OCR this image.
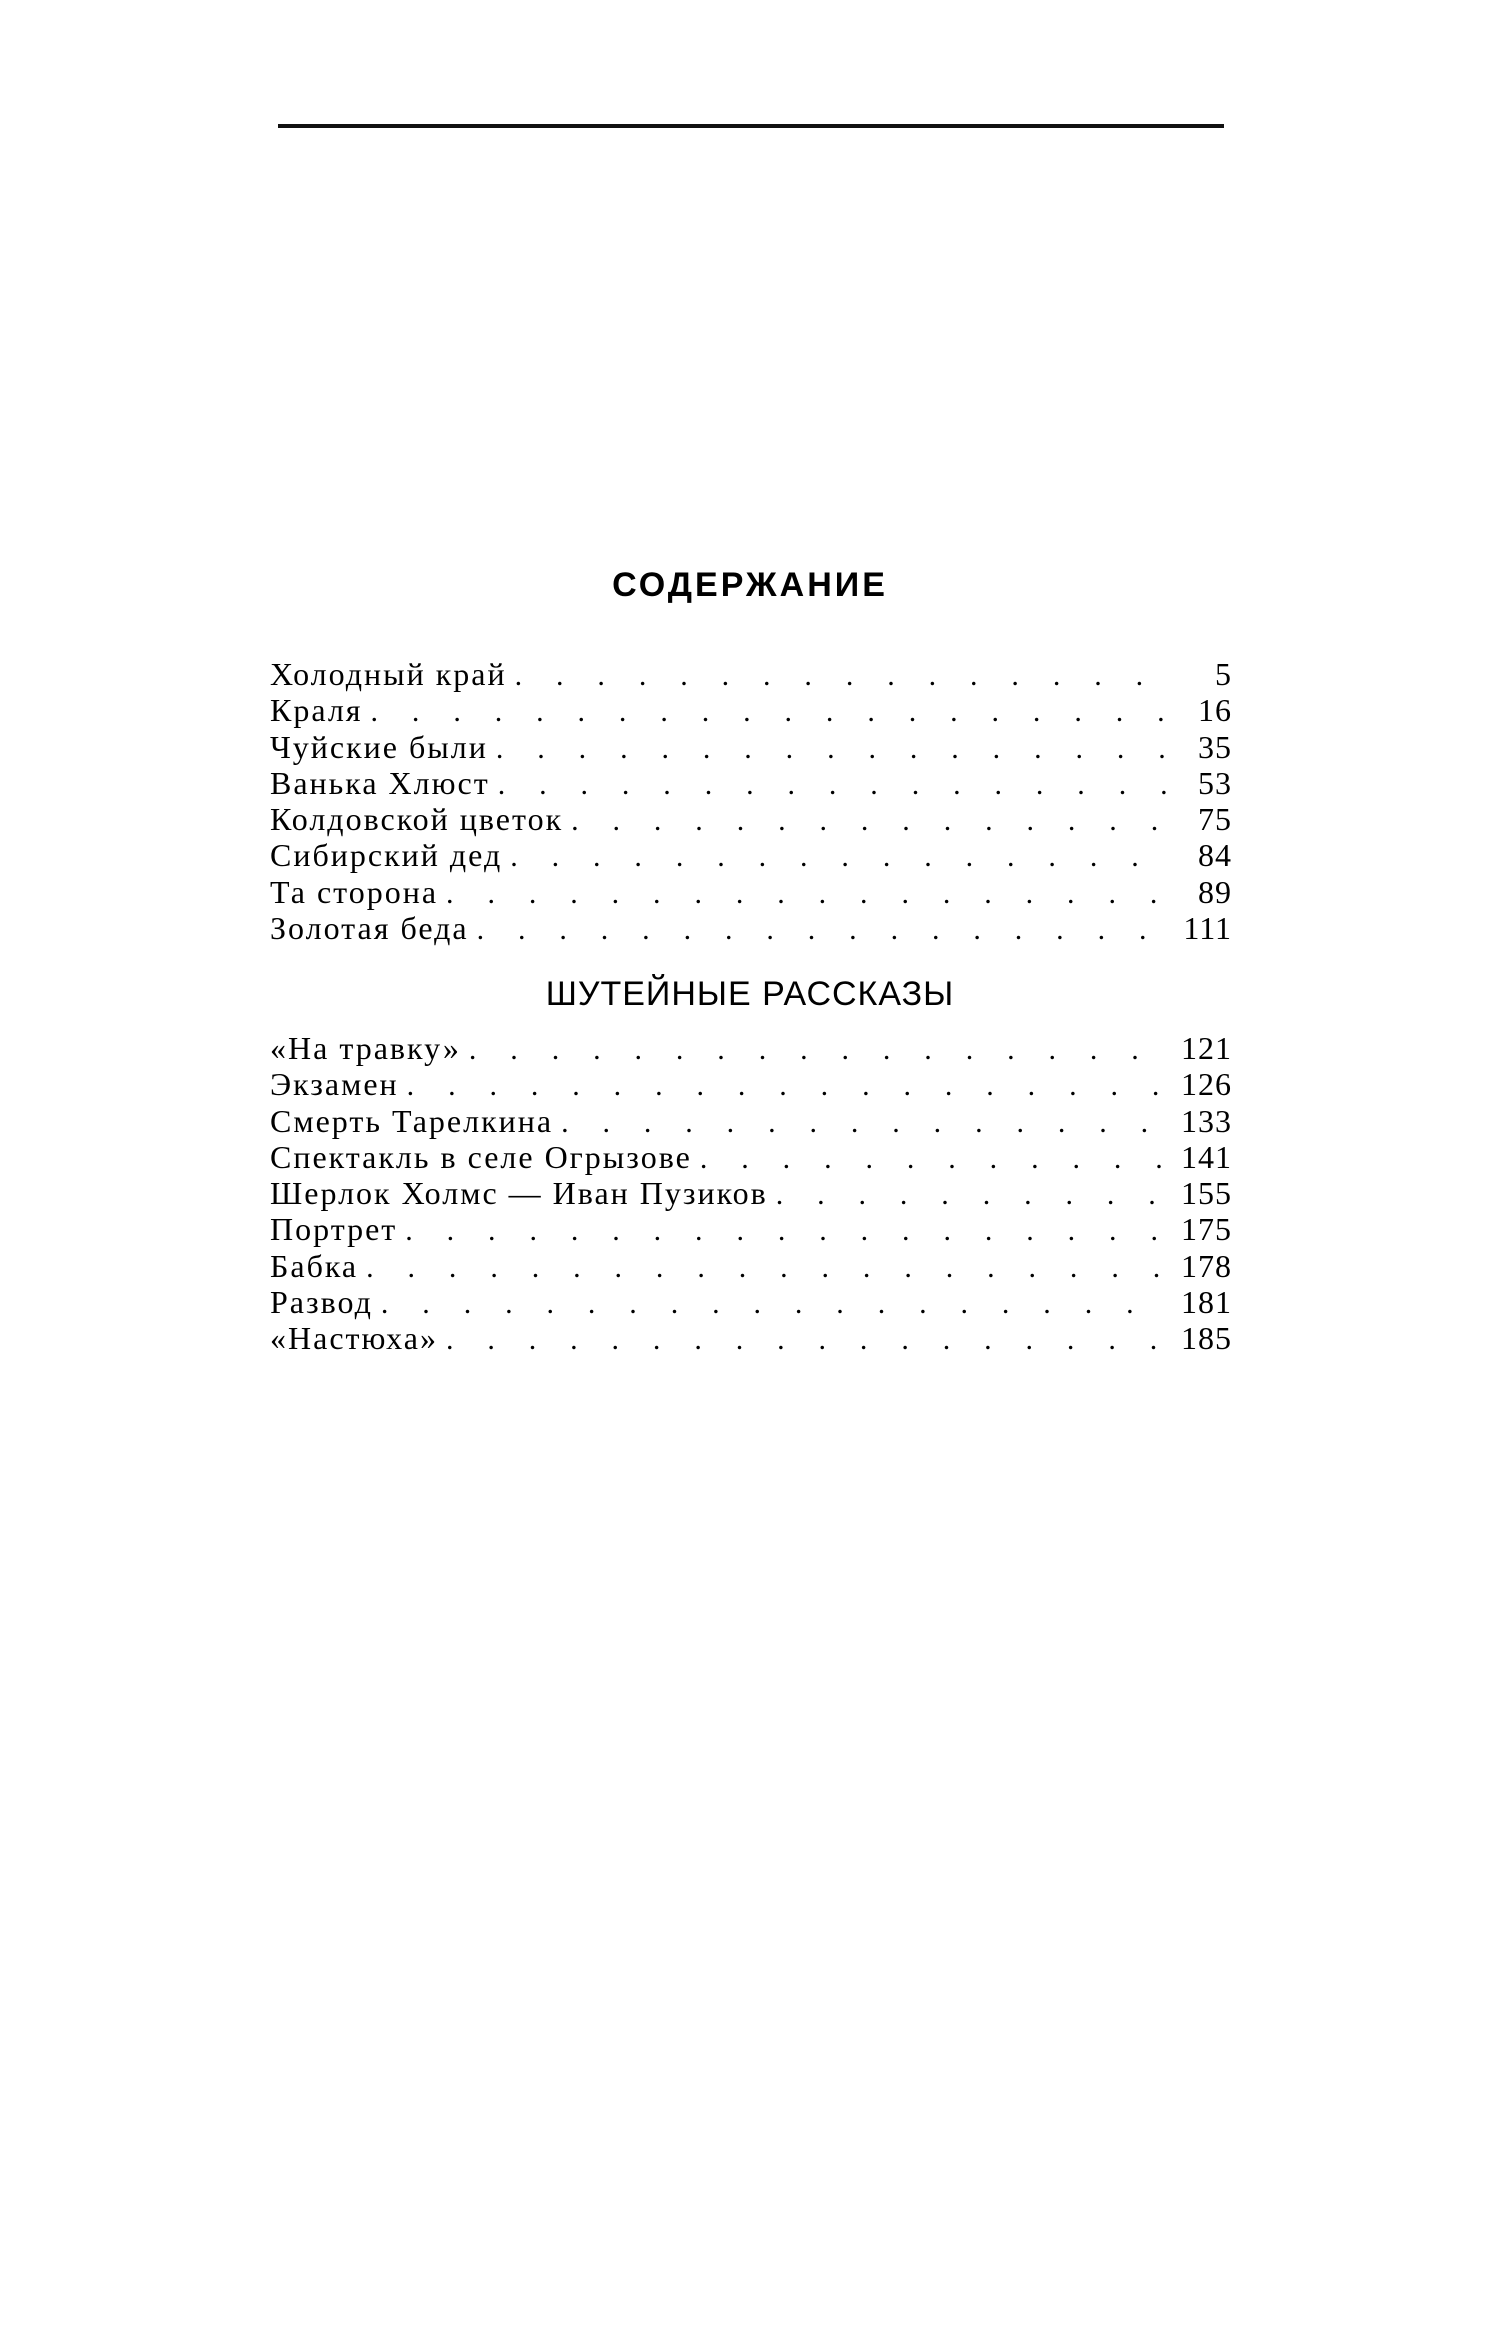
СОДЕРЖАНИЕ
Холодный край . . .	5
Краля . . .	16
Чуйские были . . .	35
Ванька Хлюст . . .	53
Колдовской цветок . . .	75
Сибирский дед . . .	84
Та сторона . . .	89
Золотая беда . . .	111
ШУТЕЙНЫЕ РАССКАЗЫ
«На травку» . . .	121
Экзамен . . .	126
Смерть Тарелкина . . .	133
Спектакль в селе Огрызове . . .	141
Шерлок Холмс — Иван Пузиков . . .	155
Портрет . . .	175
Бабка . . .	178
Развод . . .	181
«Настюха» . . .	185
